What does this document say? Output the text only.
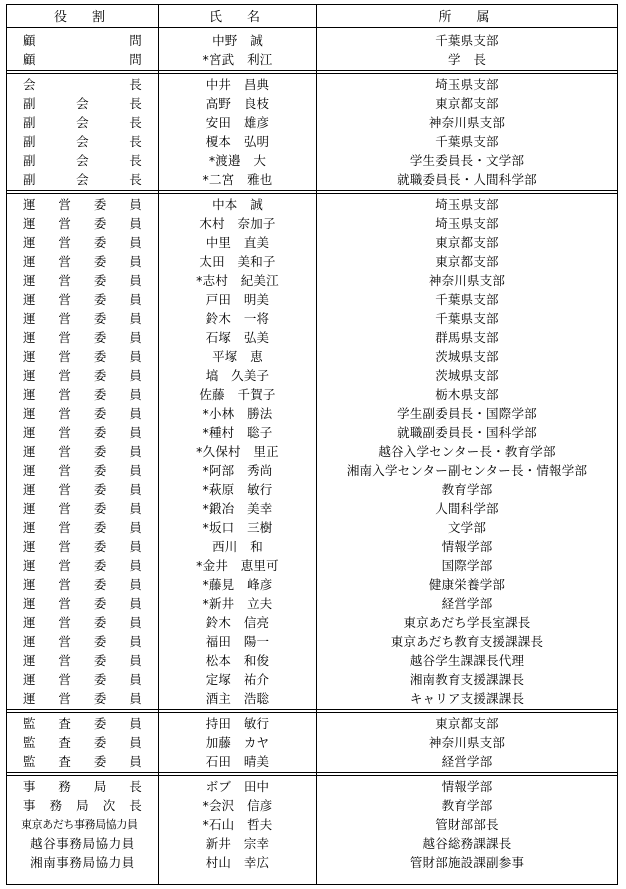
役　割	氏　名	所　属
顧　　　　　　問	中野　誠	千葉県支部
顧　　　　　　問	*宮武　利江	学　長
会　　　　　　長	中井　昌典	埼玉県支部
副　　会　　長	高野　良枝	東京都支部
副　　会　　長	安田　雄彦	神奈川県支部
副　　会　　長	榎本　弘明	千葉県支部
副　　会　　長	*渡邉　大	学生委員長・文学部
副　　会　　長	*二宮　雅也	就職委員長・人間科学部
運　営　委　員	中本　誠	埼玉県支部
運　営　委　員	木村　奈加子	埼玉県支部
運　営　委　員	中里　直美	東京都支部
運　営　委　員	太田　美和子	東京都支部
運　営　委　員	*志村　紀美江	神奈川県支部
運　営　委　員	戸田　明美	千葉県支部
運　営　委　員	鈴木　一将	千葉県支部
運　営　委　員	石塚　弘美	群馬県支部
運　営　委　員	平塚　恵	茨城県支部
運　営　委　員	塙　久美子	茨城県支部
運　営　委　員	佐藤　千賀子	栃木県支部
運　営　委　員	*小林　勝法	学生副委員長・国際学部
運　営　委　員	*種村　聡子	就職副委員長・国科学部
運　営　委　員	*久保村　里正	越谷入学センター長・教育学部
運　営　委　員	*阿部　秀尚	湘南入学センター副センター長・情報学部
運　営　委　員	*萩原　敏行	教育学部
運　営　委　員	*鍛冶　美幸	人間科学部
運　営　委　員	*坂口　三樹	文学部
運　営　委　員	西川　和	情報学部
運　営　委　員	*金井　恵里可	国際学部
運　営　委　員	*藤見　峰彦	健康栄養学部
運　営　委　員	*新井　立夫	経営学部
運　営　委　員	鈴木　信亮	東京あだち学長室課長
運　営　委　員	福田　陽一	東京あだち教育支援課課長
運　営　委　員	松本　和俊	越谷学生課課長代理
運　営　委　員	定塚　祐介	湘南教育支援課課長
運　営　委　員	酒主　浩聡	キャリア支援課課長
監　査　委　員	持田　敏行	東京都支部
監　査　委　員	加藤　カヤ	神奈川県支部
監　査　委　員	石田　晴美	経営学部
事　務　局　長	ボブ　田中	情報学部
事　務　局　次　長	*会沢　信彦	教育学部
東京あだち事務局協力員	*石山　哲夫	管財部部長
越谷事務局協力員	新井　宗幸	越谷総務課課長
湘南事務局協力員	村山　幸広	管財部施設課副参事
